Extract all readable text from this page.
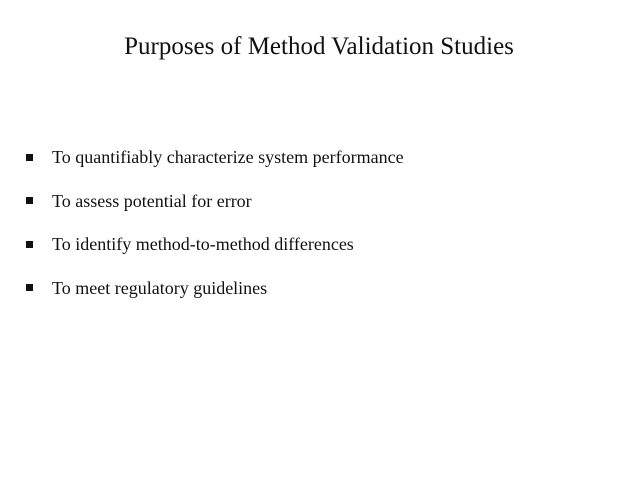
Purposes of Method Validation Studies
To quantifiably characterize system performance
To assess potential for error
To identify method-to-method differences
To meet regulatory guidelines
